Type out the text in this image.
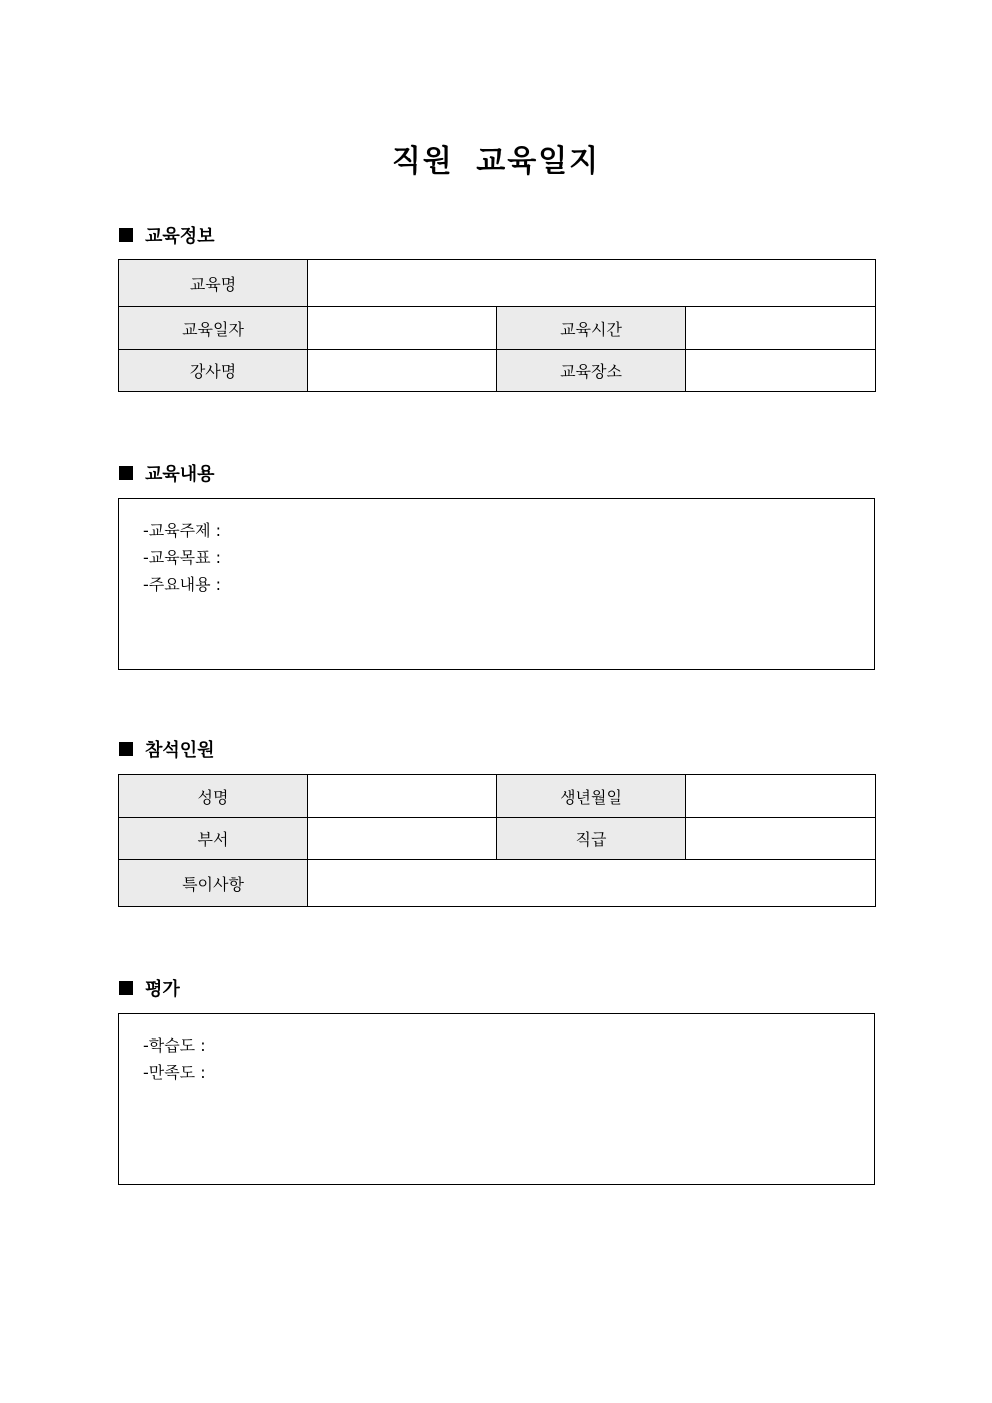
직원 교육일지
교육정보
교육명			
교육일자		교육시간	
강사명		교육장소	
교육내용
-교육주제 :
-교육목표 :
-주요내용 :
참석인원
성명		생년월일	
부서		직급	
특이사항			
평가
-학습도 :
-만족도 :
